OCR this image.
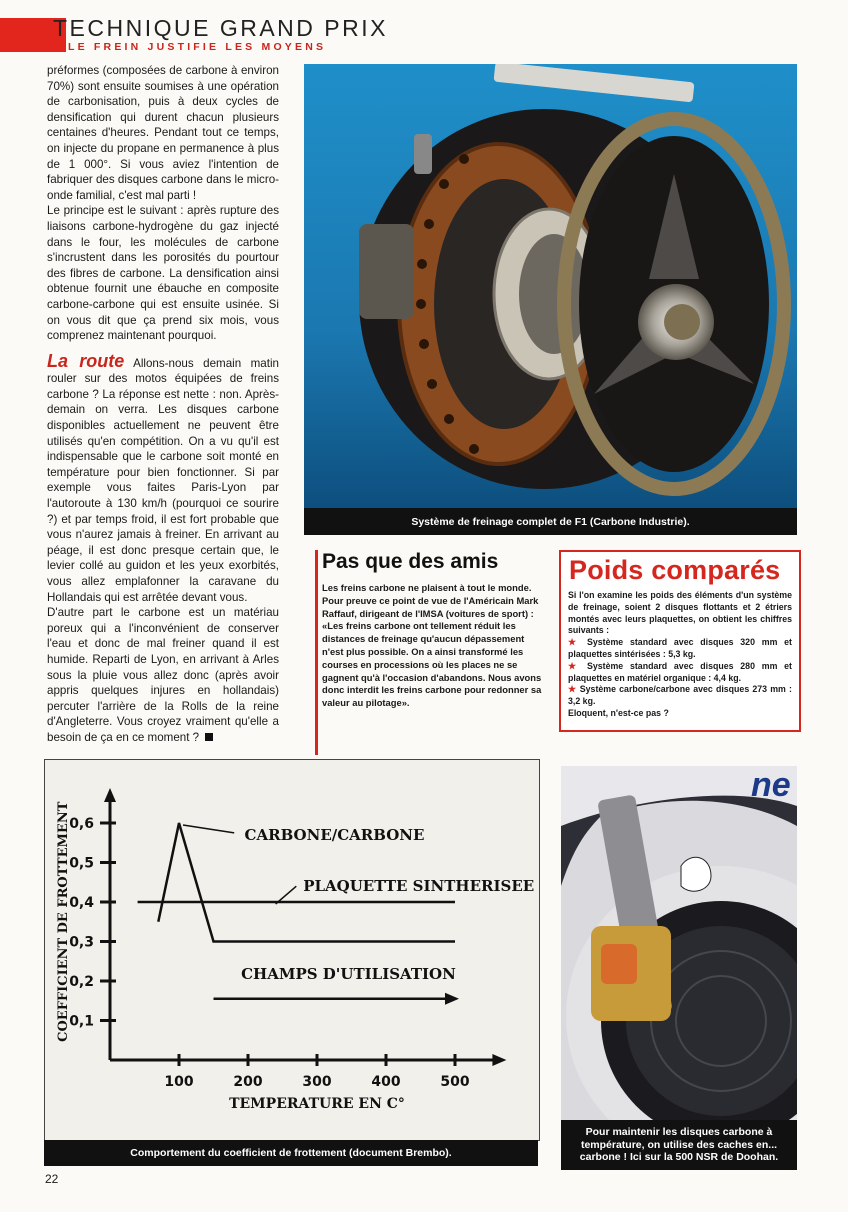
TECHNIQUE GRAND PRIX
LE FREIN JUSTIFIE LES MOYENS

préformes (composées de carbone à environ 70%) sont ensuite soumises à une opération de carbonisation, puis à deux cycles de densification qui durent chacun plusieurs centaines d'heures. Pendant tout ce temps, on injecte du propane en permanence à plus de 1 000°. Si vous aviez l'intention de fabriquer des disques carbone dans le micro-onde familial, c'est mal parti !

Le principe est le suivant : après rupture des liaisons carbone-hydrogène du gaz injecté dans le four, les molécules de carbone s'incrustent dans les porosités du pourtour des fibres de carbone. La densification ainsi obtenue fournit une ébauche en composite carbone-carbone qui est ensuite usinée. Si on vous dit que ça prend six mois, vous comprenez maintenant pourquoi.

La route Allons-nous demain matin rouler sur des motos équipées de freins carbone ? La réponse est nette : non. Après-demain on verra. Les disques carbone disponibles actuellement ne peuvent être utilisés qu'en compétition. On a vu qu'il est indispensable que le carbone soit monté en température pour bien fonctionner. Si par exemple vous faites Paris-Lyon par l'autoroute à 130 km/h (pourquoi ce sourire ?) et par temps froid, il est fort probable que vous n'aurez jamais à freiner. En arrivant au péage, il est donc presque certain que, le levier collé au guidon et les yeux exorbités, vous allez emplafonner la caravane du Hollandais qui est arrêtée devant vous.

D'autre part le carbone est un matériau poreux qui a l'inconvénient de conserver l'eau et donc de mal freiner quand il est humide. Reparti de Lyon, en arrivant à Arles sous la pluie vous allez donc (après avoir appris quelques injures en hollandais) percuter l'arrière de la Rolls de la reine d'Angleterre. Vous croyez vraiment qu'elle a besoin de ça en ce moment ?

Système de freinage complet de F1 (Carbone Industrie).
Pas que des amis
Les freins carbone ne plaisent à tout le monde. Pour preuve ce point de vue de l'Américain Mark Raffauf, dirigeant de l'IMSA (voitures de sport) : «Les freins carbone ont tellement réduit les distances de freinage qu'aucun dépassement n'est plus possible. On a ainsi transformé les courses en processions où les places ne se gagnent qu'à l'occasion d'abandons. Nous avons donc interdit les freins carbone pour redonner sa valeur au pilotage».
Poids comparés
Si l'on examine les poids des éléments d'un système de freinage, soient 2 disques flottants et 2 étriers montés avec leurs plaquettes, on obtient les chiffres suivants :
★ Système standard avec disques 320 mm et plaquettes sintérisées : 5,3 kg.
★ Système standard avec disques 280 mm et plaquettes en matériel organique : 4,4 kg.
★ Système carbone/carbone avec disques 273 mm : 3,2 kg.
Eloquent, n'est-ce pas ?
0,1
0,2
0,3
0,4
0,5
0,6
100	200	300	400	500
TEMPERATURE EN C°
COEFFICIENT DE FROTTEMENT	CARBONE/CARBONE
PLAQUETTE SINTHERISEE
CHAMPS D'UTILISATION
Comportement du coefficient de frottement (document Brembo).
ne
Pour maintenir les disques carbone à température, on utilise des caches en... carbone ! Ici sur la 500 NSR de Doohan.
22
